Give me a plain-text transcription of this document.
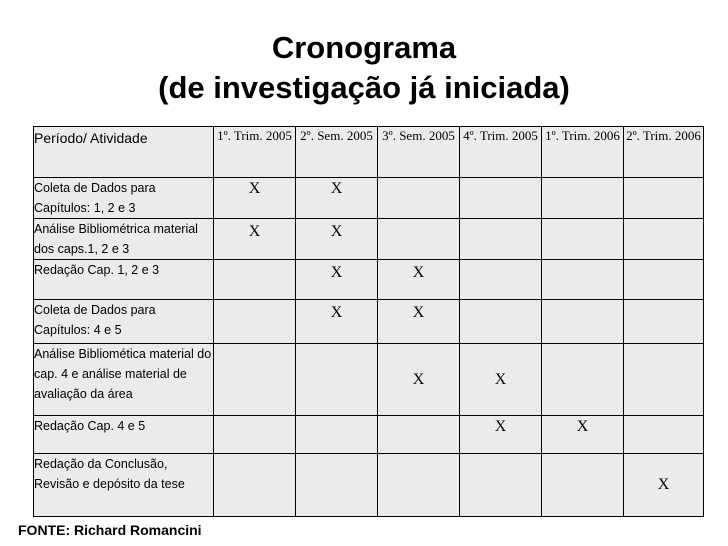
Cronograma
(de investigação já iniciada)
Período/ Atividade	1º. Trim. 2005	2º. Sem. 2005	3º. Sem. 2005	4º. Trim. 2005	1º. Trim. 2006	2º. Trim. 2006
Coleta de Dados para Capítulos: 1, 2 e 3	X	X				
Análise Bibliométrica material dos caps.1, 2 e 3	X	X				
Redação Cap. 1, 2 e 3		X	X			
Coleta de Dados para Capítulos: 4 e 5		X	X			
Análise Bibliomética material do cap. 4 e análise material de avaliação da área			X	X		
Redação Cap. 4 e 5				X	X	
Redação da Conclusão, Revisão e depósito da tese						X
FONTE: Richard Romancini
